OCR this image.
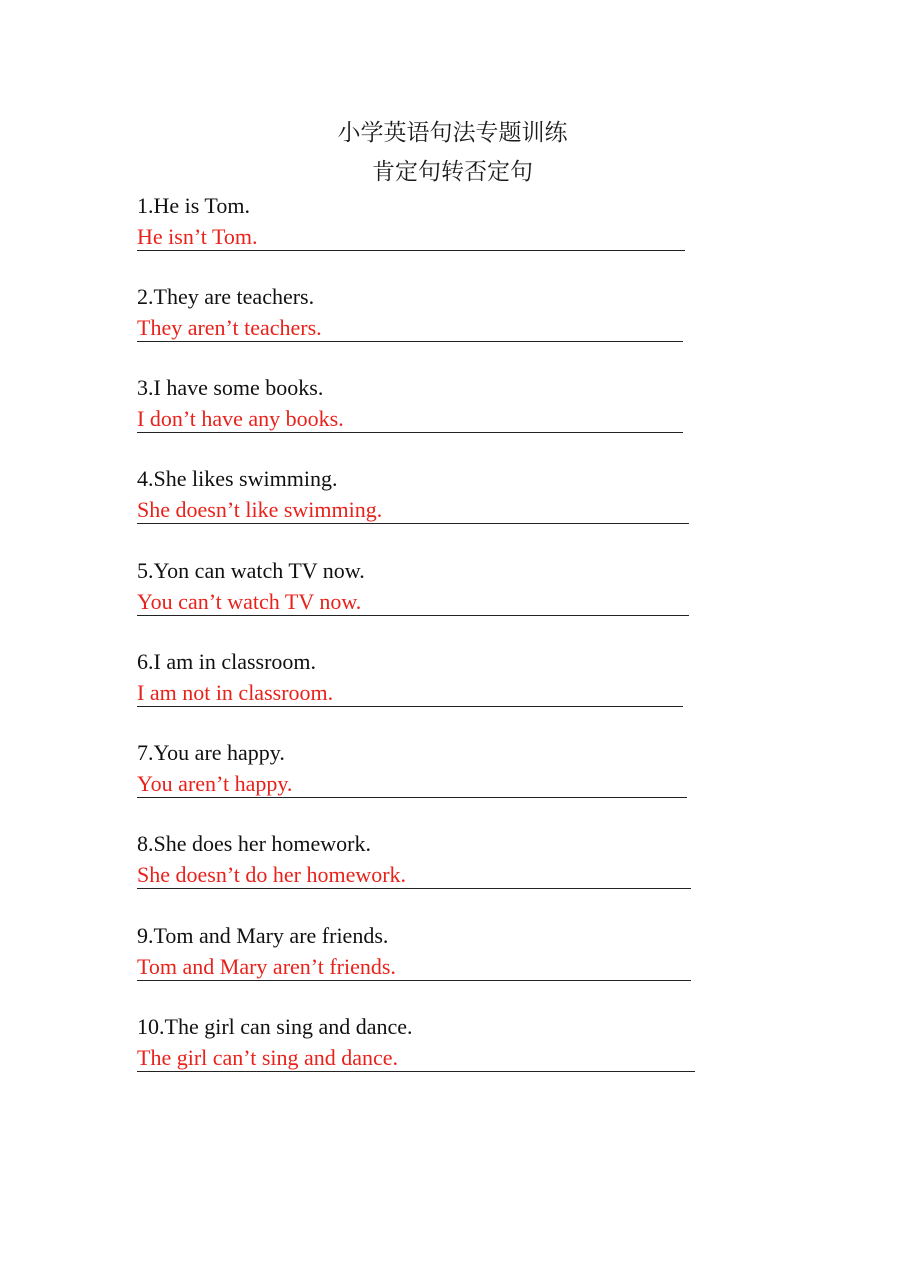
小学英语句法专题训练
肯定句转否定句
1.He is Tom.
He isn’t Tom.
2.They are teachers.
They aren’t teachers.
3.I have some books.
I don’t have any books.
4.She likes swimming.
She doesn’t like swimming.
5.Yon can watch TV now.
You can’t watch TV now.
6.I am in classroom.
I am not in classroom.
7.You are happy.
You aren’t happy.
8.She does her homework.
She doesn’t do her homework.
9.Tom and Mary are friends.
Tom and Mary aren’t friends.
10.The girl can sing and dance.
The girl can’t sing and dance.
